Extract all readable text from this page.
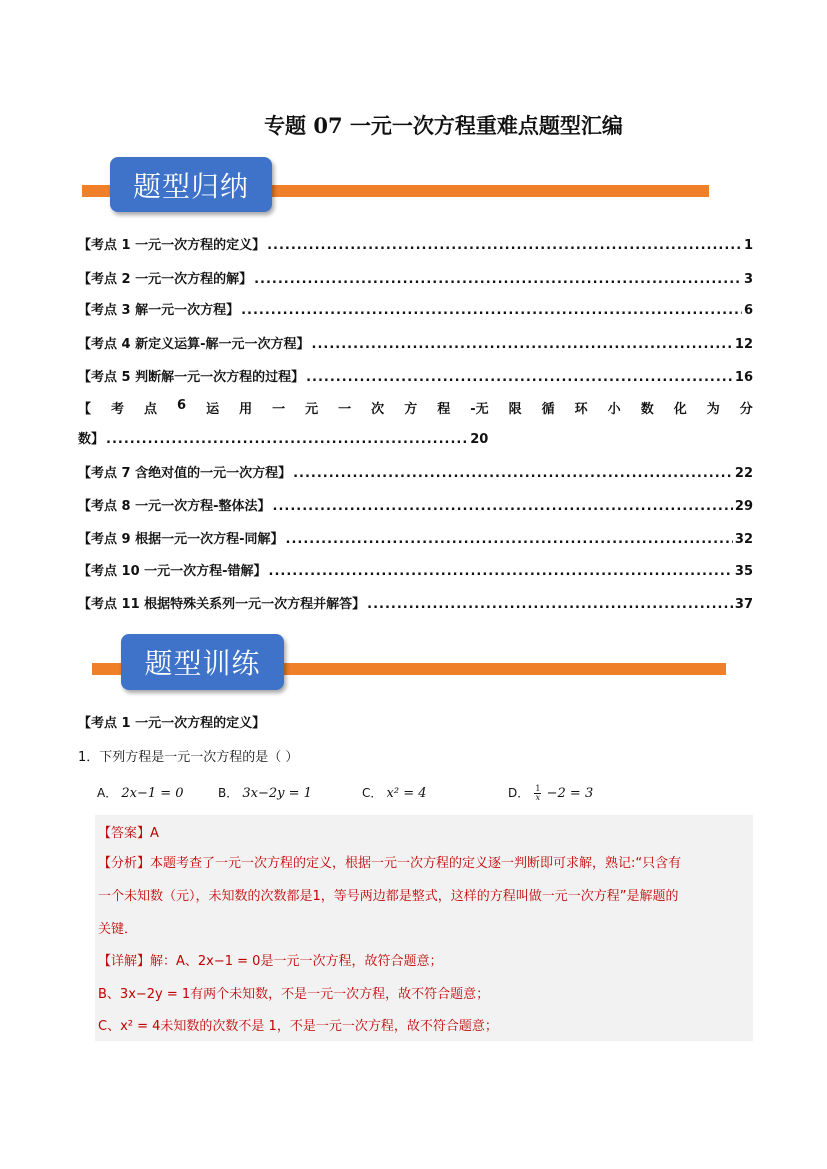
专题 07 一元一次方程重难点题型汇编
题型归纳
【考点 1 一元一次方程的定义】 .....	1
【考点 2 一元一次方程的解】 .....	3
【考点 3 解一元一次方程】 .....	6
【考点 4 新定义运算-解一元一次方程】 .....	12
【考点 5 判断解一元一次方程的过程】 .....	16
【 考 点 6 运 用 一 元 一 次 方 程 -无 限 循 环 小 数 化 为 分
数】 ............................................................. 20
【考点 7 含绝对值的一元一次方程】 .....	22
【考点 8 一元一次方程-整体法】 .....	29
【考点 9 根据一元一次方程-同解】 .....	32
【考点 10 一元一次方程-错解】 .....	35
【考点 11 根据特殊关系列一元一次方程并解答】 .....	37
题型训练
【考点 1 一元一次方程的定义】
1．下列方程是一元一次方程的是（ ）
A． 2x−1 = 0	B． 3x−2y = 1	C． x² = 4	D． $\frac{1}{x} -2 = 3$
【答案】A
【分析】本题考查了一元一次方程的定义，根据一元一次方程的定义逐一判断即可求解，熟记:“只含有
一个未知数（元），未知数的次数都是1，等号两边都是整式，这样的方程叫做一元一次方程”是解题的
关键．
【详解】解：A、2x−1 = 0是一元一次方程，故符合题意；
B、3x−2y = 1有两个未知数，不是一元一次方程，故不符合题意；
C、x² = 4未知数的次数不是 1，不是一元一次方程，故不符合题意；
